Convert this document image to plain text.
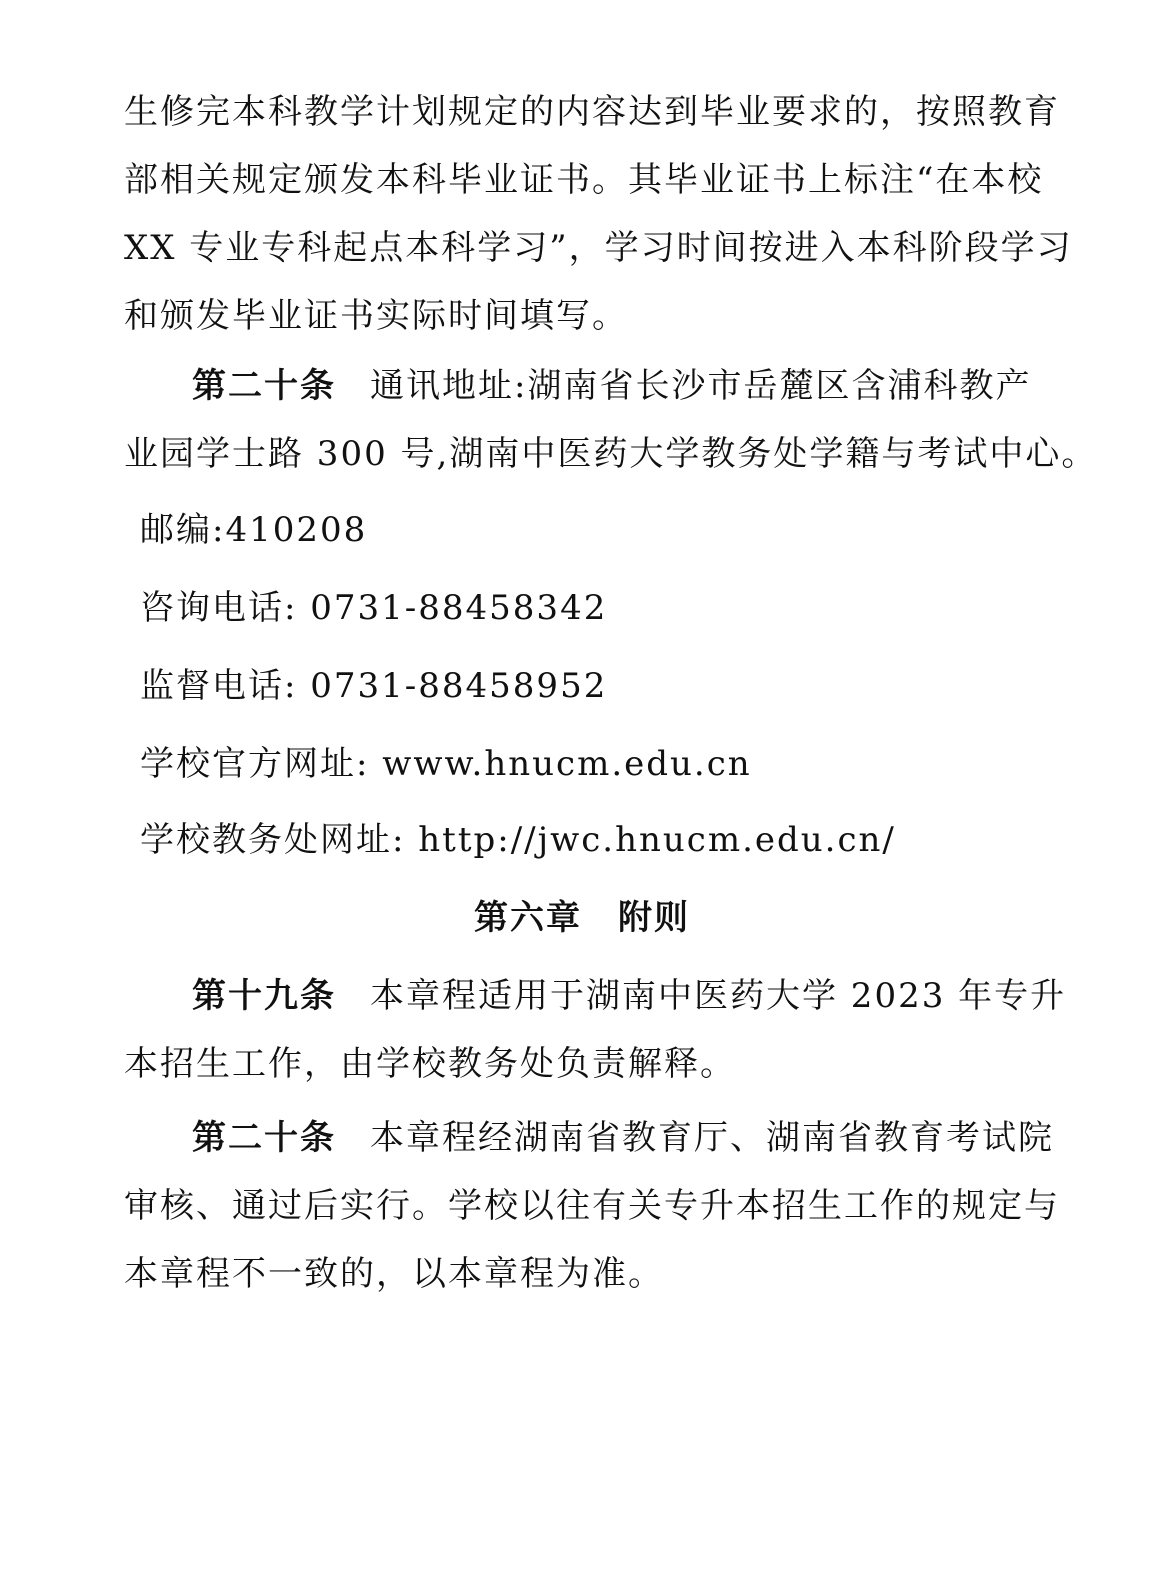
生修完本科教学计划规定的内容达到毕业要求的，按照教育
部相关规定颁发本科毕业证书。其毕业证书上标注“在本校
XX 专业专科起点本科学习”，学习时间按进入本科阶段学习
和颁发毕业证书实际时间填写。
第二十条 通讯地址:湖南省长沙市岳麓区含浦科教产
业园学士路 300 号,湖南中医药大学教务处学籍与考试中心。
邮编:410208
咨询电话: 0731-88458342
监督电话: 0731-88458952
学校官方网址: www.hnucm.edu.cn
学校教务处网址: http://jwc.hnucm.edu.cn/
第六章　附则
第十九条 本章程适用于湖南中医药大学 2023 年专升
本招生工作，由学校教务处负责解释。
第二十条 本章程经湖南省教育厅、湖南省教育考试院
审核、通过后实行。学校以往有关专升本招生工作的规定与
本章程不一致的，以本章程为准。
